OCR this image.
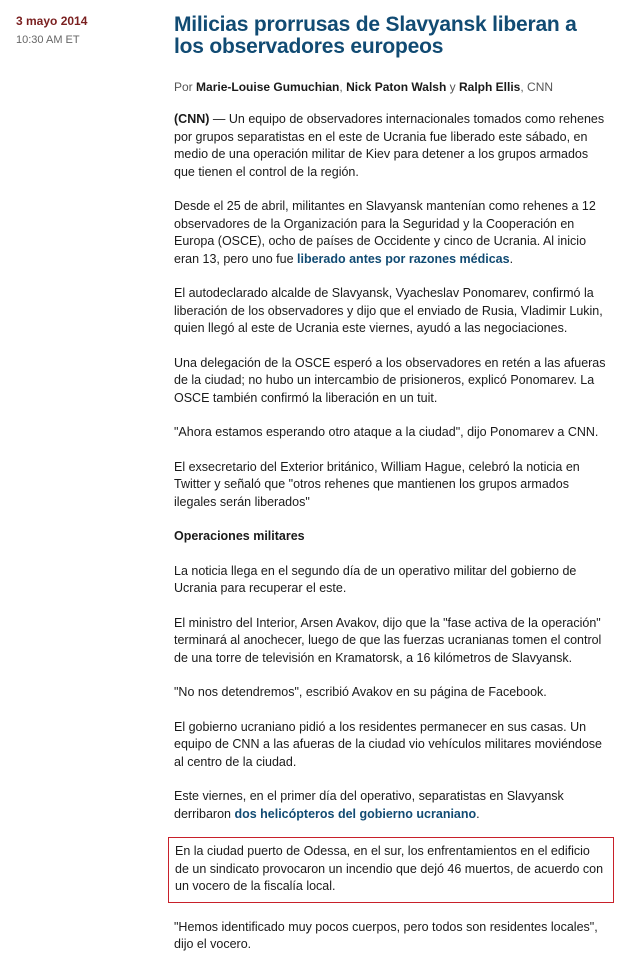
3 mayo 2014
10:30 AM ET
Milicias prorrusas de Slavyansk liberan a los observadores europeos
Por Marie-Louise Gumuchian, Nick Paton Walsh y Ralph Ellis, CNN

(CNN) — Un equipo de observadores internacionales tomados como rehenes por grupos separatistas en el este de Ucrania fue liberado este sábado, en medio de una operación militar de Kiev para detener a los grupos armados que tienen el control de la región.

Desde el 25 de abril, militantes en Slavyansk mantenían como rehenes a 12 observadores de la Organización para la Seguridad y la Cooperación en Europa (OSCE), ocho de países de Occidente y cinco de Ucrania. Al inicio eran 13, pero uno fue liberado antes por razones médicas.

El autodeclarado alcalde de Slavyansk, Vyacheslav Ponomarev, confirmó la liberación de los observadores y dijo que el enviado de Rusia, Vladimir Lukin, quien llegó al este de Ucrania este viernes, ayudó a las negociaciones.

Una delegación de la OSCE esperó a los observadores en retén a las afueras de la ciudad; no hubo un intercambio de prisioneros, explicó Ponomarev. La OSCE también confirmó la liberación en un tuit.

"Ahora estamos esperando otro ataque a la ciudad", dijo Ponomarev a CNN.

El exsecretario del Exterior británico, William Hague, celebró la noticia en Twitter y señaló que "otros rehenes que mantienen los grupos armados ilegales serán liberados"

Operaciones militares

La noticia llega en el segundo día de un operativo militar del gobierno de Ucrania para recuperar el este.

El ministro del Interior, Arsen Avakov, dijo que la "fase activa de la operación" terminará al anochecer, luego de que las fuerzas ucranianas tomen el control de una torre de televisión en Kramatorsk, a 16 kilómetros de Slavyansk.

"No nos detendremos", escribió Avakov en su página de Facebook.

El gobierno ucraniano pidió a los residentes permanecer en sus casas. Un equipo de CNN a las afueras de la ciudad vio vehículos militares moviéndose al centro de la ciudad.

Este viernes, en el primer día del operativo, separatistas en Slavyansk derribaron dos helicópteros del gobierno ucraniano.

En la ciudad puerto de Odessa, en el sur, los enfrentamientos en el edificio de un sindicato provocaron un incendio que dejó 46 muertos, de acuerdo con un vocero de la fiscalía local.

"Hemos identificado muy pocos cuerpos, pero todos son residentes locales", dijo el vocero.
